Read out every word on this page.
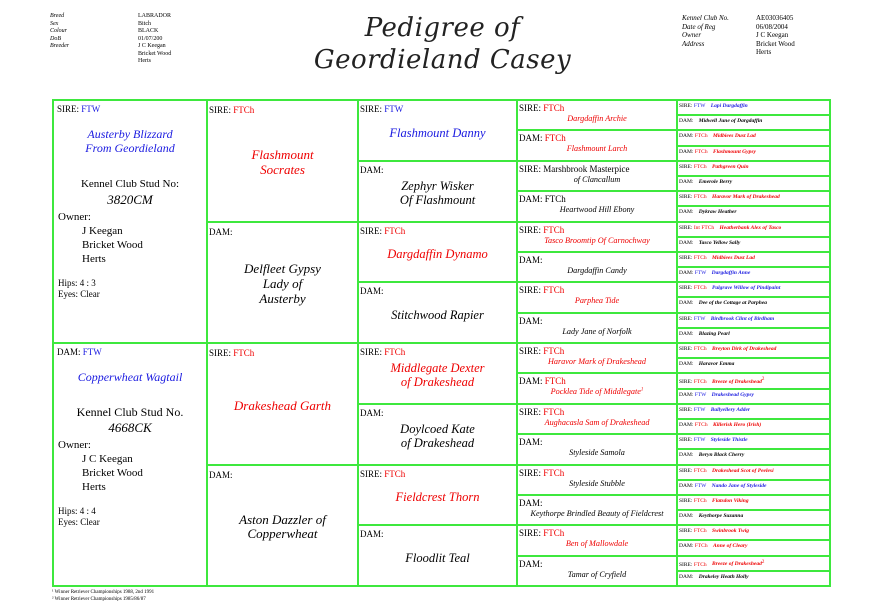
Breed	LABRADOR
Sex	Bitch
Colour	BLACK
DoB	01/07/200
Breeder	J C Keegan
Bricket Wood
Herts
Pedigree of
Geordieland Casey
Kennel Club No.	AE03036405
Date of Reg	06/08/2004
Owner	J C Keegan
Address	Bricket Wood
Herts
SIRE: FTW
Austerby Blizzard
From Geordieland
Kennel Club Stud No:
3820CM
Owner:
J Keegan
Bricket Wood
Herts
Hips: 4 : 3
Eyes: Clear
DAM: FTW
Copperwheat Wagtail
Kennel Club Stud No.
4668CK
Owner:
J C Keegan
Bricket Wood
Herts
Hips: 4 : 4
Eyes: Clear
SIRE: FTCh
Flashmount
Socrates
DAM:
Delfleet Gypsy
Lady of
Austerby
SIRE: FTCh
Drakeshead Garth
DAM:
Aston Dazzler of
Copperwheat
SIRE: FTW
Flashmount Danny
DAM:
Zephyr Wisker
Of Flashmount
SIRE: FTCh
Dargdaffin Dynamo
DAM:
Stitchwood Rapier
SIRE: FTCh
Middlegate Dexter
of Drakeshead
DAM:
Doylcoed Kate
of Drakeshead
SIRE: FTCh
Fieldcrest Thorn
DAM:
Floodlit Teal
SIRE: FTCh
Dargdaffin Archie
DAM: FTCh
Flashmount Larch
SIRE: Marshbrook Masterpice
of Clancallum
DAM: FTCh
Heartwood Hill Ebony
SIRE: FTCh
Tasco Broomtip Of Carnochway
DAM:
Dargdaffin Candy
SIRE: FTCh
Parphea Tide
DAM:
Lady Jane of Norfolk
SIRE: FTCh
Haravor Mark of Drakeshead
DAM: FTCh
Pocklea Tide of Middlegate$^1$
SIRE: FTCh
Aughacasla Sam of Drakeshead
DAM:
Styleside Samola
SIRE: FTCh
Styleside Stubble
DAM:
Keythorpe Brindled Beauty of Fieldcrest
SIRE: FTCh
Ben of Mallowdale
DAM:
Tamar of Cryfield
SIRE: FTW Lapi Dargdaffin
DAM: Midwell June of Dargdaffin
DAM: FTCh Midbiees Dust Lad
DAM: FTCh Flashmount Gypsy
SIRE: FTCh Pathgreen Quin
DAM: Emerole Berry
SIRE: FTCh Haravor Mark of Drakeshead
DAM: Dykraw Heather
SIRE: Int FTCh Heatherbank Alex of Tasco
DAM: Tasco Yellow Sally
SIRE: FTCh Midbiees Dust Lad
DAM: FTW Dargdaffin Anne
SIRE: FTCh Palgrave Willow of Pindipaint
DAM: Dee of the Cottage at Parphea
SIRE: FTW Birdbrook Clint of Birdham
DAM: Blazing Pearl
SIRE: FTCh Breyton Dirk of Drakeshead
DAM: Haravor Emma
SIRE: FTCh Breeze of Drakeshead$^2$
DAM: FTW Drakeshead Gypsy
SIRE: FTW Ballyellery Adder
DAM: FTCh Killerisk Hero (Irish)
SIRE: FTW Styleside Thistle
DAM: Beryn Black Cherry
SIRE: FTCh Drakeshead Scot of Peelesi
DAM: FTW Nando Jane of Styleside
SIRE: FTCh Flatsdon Viking
DAM: Keythorpe Suzanna
SIRE: FTCh Swinbrook Twig
DAM: FTCh Anne of Cleary
SIRE: FTCh Breeze of Drakeshead$^2$
DAM: Drakeley Heath Holly
¹ Winner Retriever Championships 1988, 2nd 1991
² Winner Retriever Championships 1985/86/87
